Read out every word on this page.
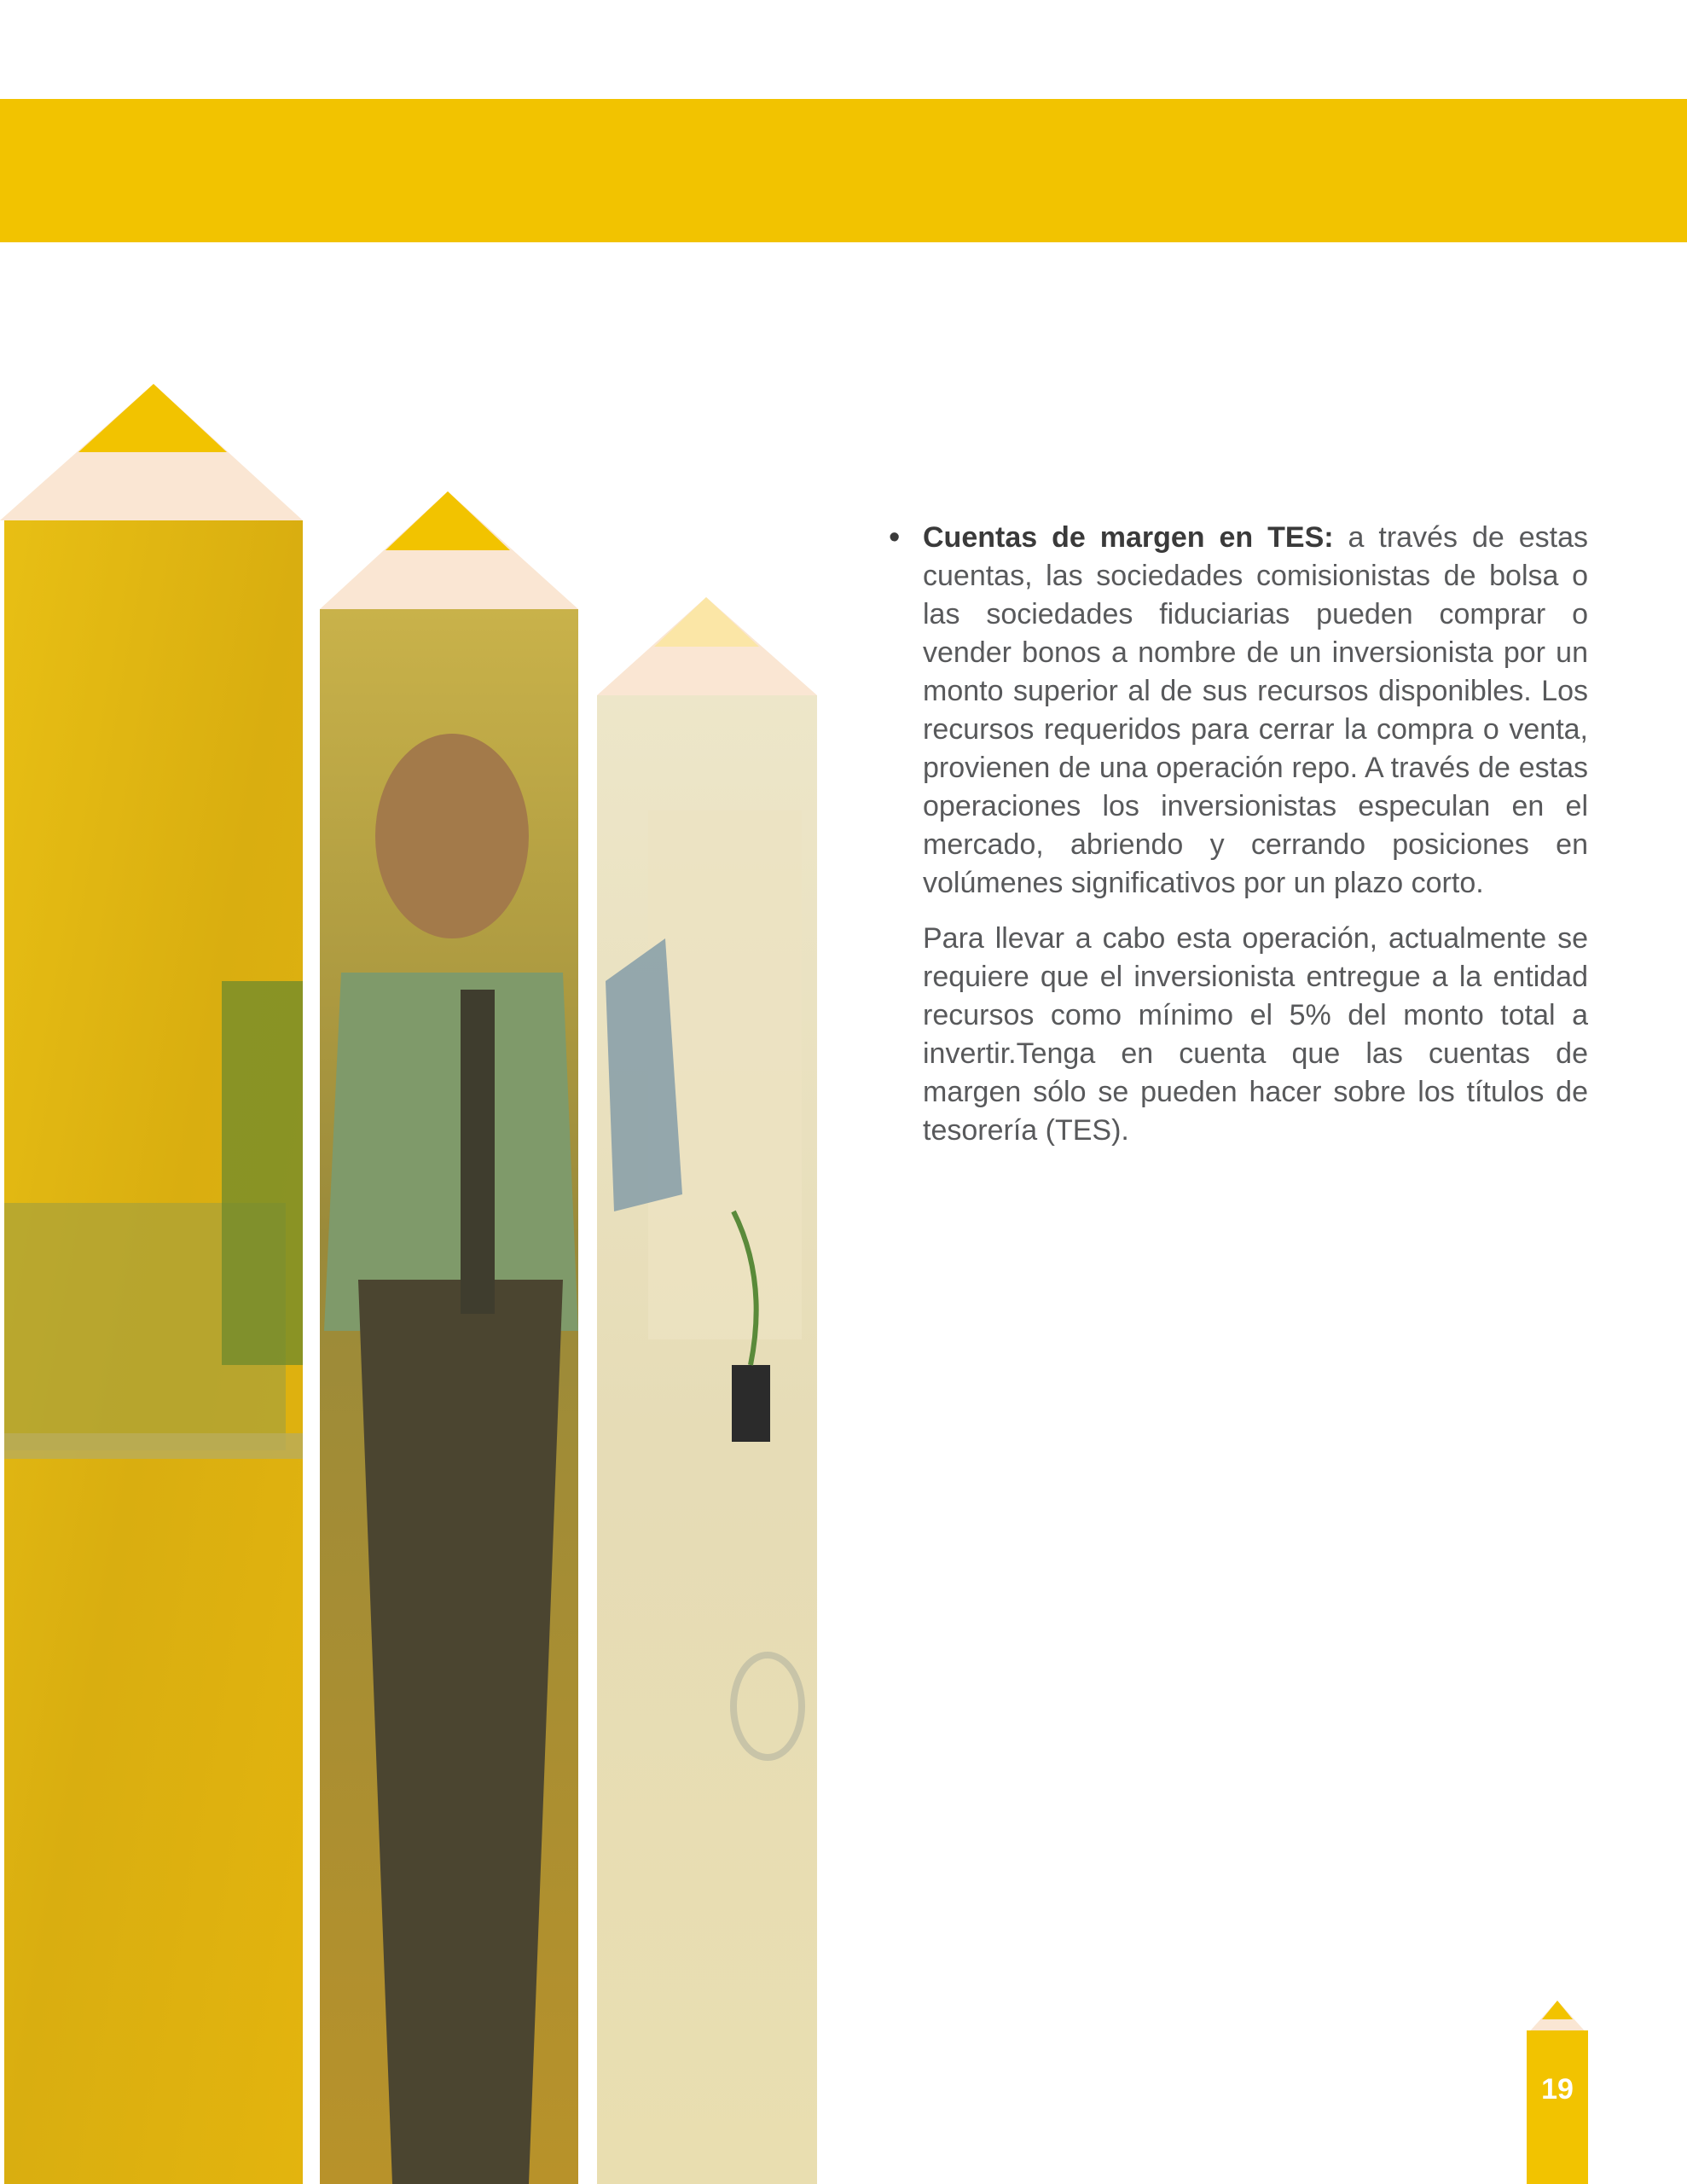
• Cuentas de margen en TES: a través de estas cuentas, las sociedades comisionistas de bolsa o las sociedades fiduciarias pueden comprar o vender bonos a nombre de un inversionista por un monto superior al de sus recursos disponibles. Los recursos requeridos para cerrar la compra o venta, provienen de una operación repo. A través de estas operaciones los inversionistas especulan en el mercado, abriendo y cerrando posiciones en volúmenes significativos por un plazo corto.

Para llevar a cabo esta operación, actualmente se requiere que el inversionista entregue a la entidad recursos como mínimo el 5% del monto total a invertir.Tenga en cuenta que las cuentas de margen sólo se pueden hacer sobre los títulos de tesorería (TES).

19
